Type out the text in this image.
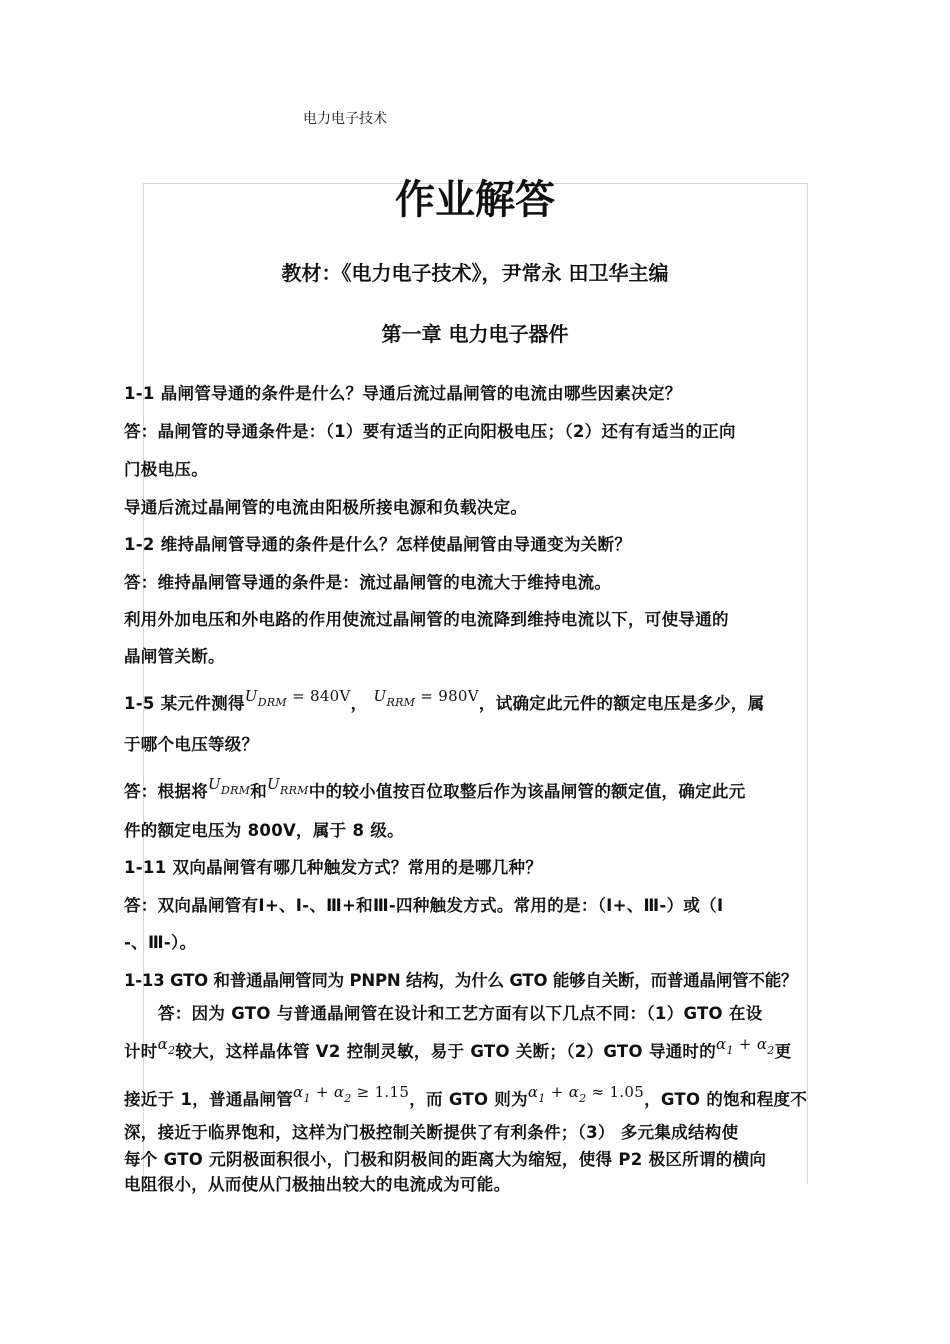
电力电子技术
作业解答
教材：《电力电子技术》，尹常永 田卫华主编
第一章 电力电子器件
1-1 晶闸管导通的条件是什么？导通后流过晶闸管的电流由哪些因素决定？
答：晶闸管的导通条件是：（1）要有适当的正向阳极电压；（2）还有有适当的正向
门极电压。
导通后流过晶闸管的电流由阳极所接电源和负载决定。
1-2 维持晶闸管导通的条件是什么？怎样使晶闸管由导通变为关断？
答：维持晶闸管导通的条件是：流过晶闸管的电流大于维持电流。
利用外加电压和外电路的作用使流过晶闸管的电流降到维持电流以下，可使导通的
晶闸管关断。
1-5 某元件测得$U_{DRM} = 840V$， $U_{RRM} = 980V$，试确定此元件的额定电压是多少，属
于哪个电压等级？
答：根据将$U_{DRM}$和$U_{RRM}$中的较小值按百位取整后作为该晶闸管的额定值，确定此元
件的额定电压为 800V，属于 8 级。
1-11 双向晶闸管有哪几种触发方式？常用的是哪几种？
答：双向晶闸管有Ⅰ+、Ⅰ-、Ⅲ+和Ⅲ-四种触发方式。常用的是：（Ⅰ+、Ⅲ-）或（Ⅰ
-、Ⅲ-）。
1-13 GTO 和普通晶闸管同为 PNPN 结构，为什么 GTO 能够自关断，而普通晶闸管不能？
答：因为 GTO 与普通晶闸管在设计和工艺方面有以下几点不同：（1）GTO 在设
计时$\alpha_2$较大，这样晶体管 V2 控制灵敏，易于 GTO 关断；（2）GTO 导通时的$\alpha_1 + \alpha_2$更
接近于 1，普通晶闸管$\alpha_1 + \alpha_2 \ge 1.15$，而 GTO 则为$\alpha_1 + \alpha_2 \approx 1.05$，GTO 的饱和程度不
深，接近于临界饱和，这样为门极控制关断提供了有利条件；（3） 多元集成结构使
每个 GTO 元阴极面积很小，门极和阴极间的距离大为缩短，使得 P2 极区所谓的横向
电阻很小，从而使从门极抽出较大的电流成为可能。
